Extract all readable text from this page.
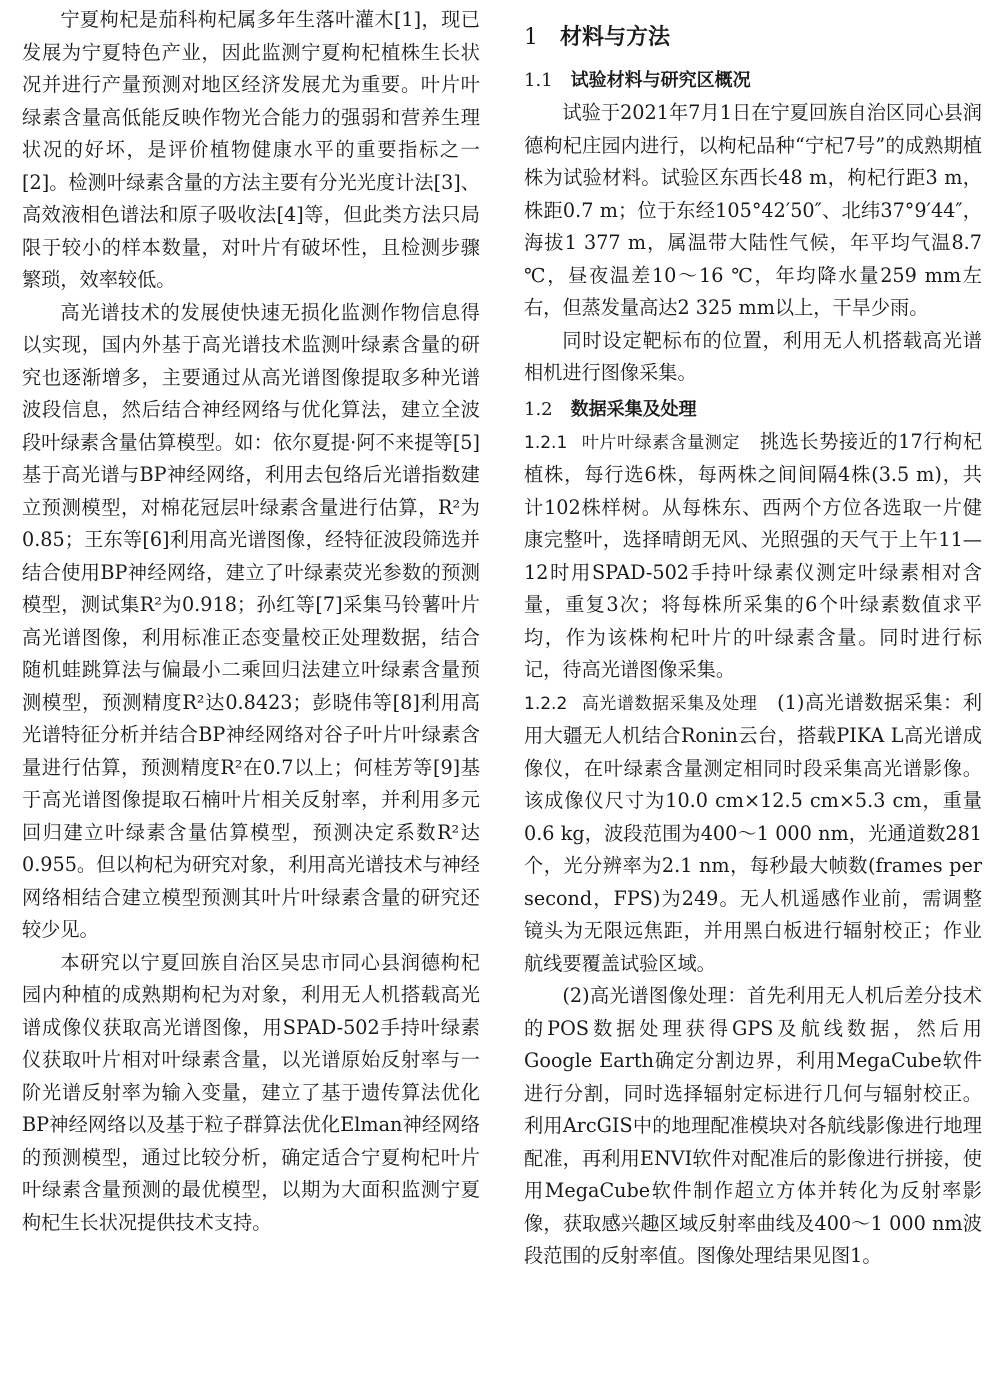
宁夏枸杞是茄科枸杞属多年生落叶灌木[1]，现已发展为宁夏特色产业，因此监测宁夏枸杞植株生长状况并进行产量预测对地区经济发展尤为重要。叶片叶绿素含量高低能反映作物光合能力的强弱和营养生理状况的好坏，是评价植物健康水平的重要指标之一[2]。检测叶绿素含量的方法主要有分光光度计法[3]、高效液相色谱法和原子吸收法[4]等，但此类方法只局限于较小的样本数量，对叶片有破坏性，且检测步骤繁琐，效率较低。

高光谱技术的发展使快速无损化监测作物信息得以实现，国内外基于高光谱技术监测叶绿素含量的研究也逐渐增多，主要通过从高光谱图像提取多种光谱波段信息，然后结合神经网络与优化算法，建立全波段叶绿素含量估算模型。如：依尔夏提·阿不来提等[5]基于高光谱与BP神经网络，利用去包络后光谱指数建立预测模型，对棉花冠层叶绿素含量进行估算，R²为0.85；王东等[6]利用高光谱图像，经特征波段筛选并结合使用BP神经网络，建立了叶绿素荧光参数的预测模型，测试集R²为0.918；孙红等[7]采集马铃薯叶片高光谱图像，利用标准正态变量校正处理数据，结合随机蛙跳算法与偏最小二乘回归法建立叶绿素含量预测模型，预测精度R²达0.8423；彭晓伟等[8]利用高光谱特征分析并结合BP神经网络对谷子叶片叶绿素含量进行估算，预测精度R²在0.7以上；何桂芳等[9]基于高光谱图像提取石楠叶片相关反射率，并利用多元回归建立叶绿素含量估算模型，预测决定系数R²达0.955。但以枸杞为研究对象，利用高光谱技术与神经网络相结合建立模型预测其叶片叶绿素含量的研究还较少见。

本研究以宁夏回族自治区吴忠市同心县润德枸杞园内种植的成熟期枸杞为对象，利用无人机搭载高光谱成像仪获取高光谱图像，用SPAD-502手持叶绿素仪获取叶片相对叶绿素含量，以光谱原始反射率与一阶光谱反射率为输入变量，建立了基于遗传算法优化BP神经网络以及基于粒子群算法优化Elman神经网络的预测模型，通过比较分析，确定适合宁夏枸杞叶片叶绿素含量预测的最优模型，以期为大面积监测宁夏枸杞生长状况提供技术支持。

1 材料与方法
1.1 试验材料与研究区概况

试验于2021年7月1日在宁夏回族自治区同心县润德枸杞庄园内进行，以枸杞品种“宁杞7号”的成熟期植株为试验材料。试验区东西长48 m，枸杞行距3 m，株距0.7 m；位于东经105°42′50″、北纬37°9′44″，海拔1 377 m，属温带大陆性气候，年平均气温8.7 ℃，昼夜温差10～16 ℃，年均降水量259 mm左右，但蒸发量高达2 325 mm以上，干旱少雨。

同时设定靶标布的位置，利用无人机搭载高光谱相机进行图像采集。

1.2 数据采集及处理

1.2.1 叶片叶绿素含量测定　 挑选长势接近的17行枸杞植株，每行选6株，每两株之间间隔4株(3.5 m)，共计102株样树。从每株东、西两个方位各选取一片健康完整叶，选择晴朗无风、光照强的天气于上午11—12时用SPAD-502手持叶绿素仪测定叶绿素相对含量，重复3次；将每株所采集的6个叶绿素数值求平均，作为该株枸杞叶片的叶绿素含量。同时进行标记，待高光谱图像采集。

1.2.2 高光谱数据采集及处理　 (1)高光谱数据采集：利用大疆无人机结合Ronin云台，搭载PIKA L高光谱成像仪，在叶绿素含量测定相同时段采集高光谱影像。该成像仪尺寸为10.0 cm×12.5 cm×5.3 cm，重量0.6 kg，波段范围为400～1 000 nm，光通道数281个，光分辨率为2.1 nm，每秒最大帧数(frames per second，FPS)为249。无人机遥感作业前，需调整镜头为无限远焦距，并用黑白板进行辐射校正；作业航线要覆盖试验区域。

(2)高光谱图像处理：首先利用无人机后差分技术的POS数据处理获得GPS及航线数据，然后用Google Earth确定分割边界，利用MegaCube软件进行分割，同时选择辐射定标进行几何与辐射校正。利用ArcGIS中的地理配准模块对各航线影像进行地理配准，再利用ENVI软件对配准后的影像进行拼接，使用MegaCube软件制作超立方体并转化为反射率影像，获取感兴趣区域反射率曲线及400～1 000 nm波段范围的反射率值。图像处理结果见图1。
